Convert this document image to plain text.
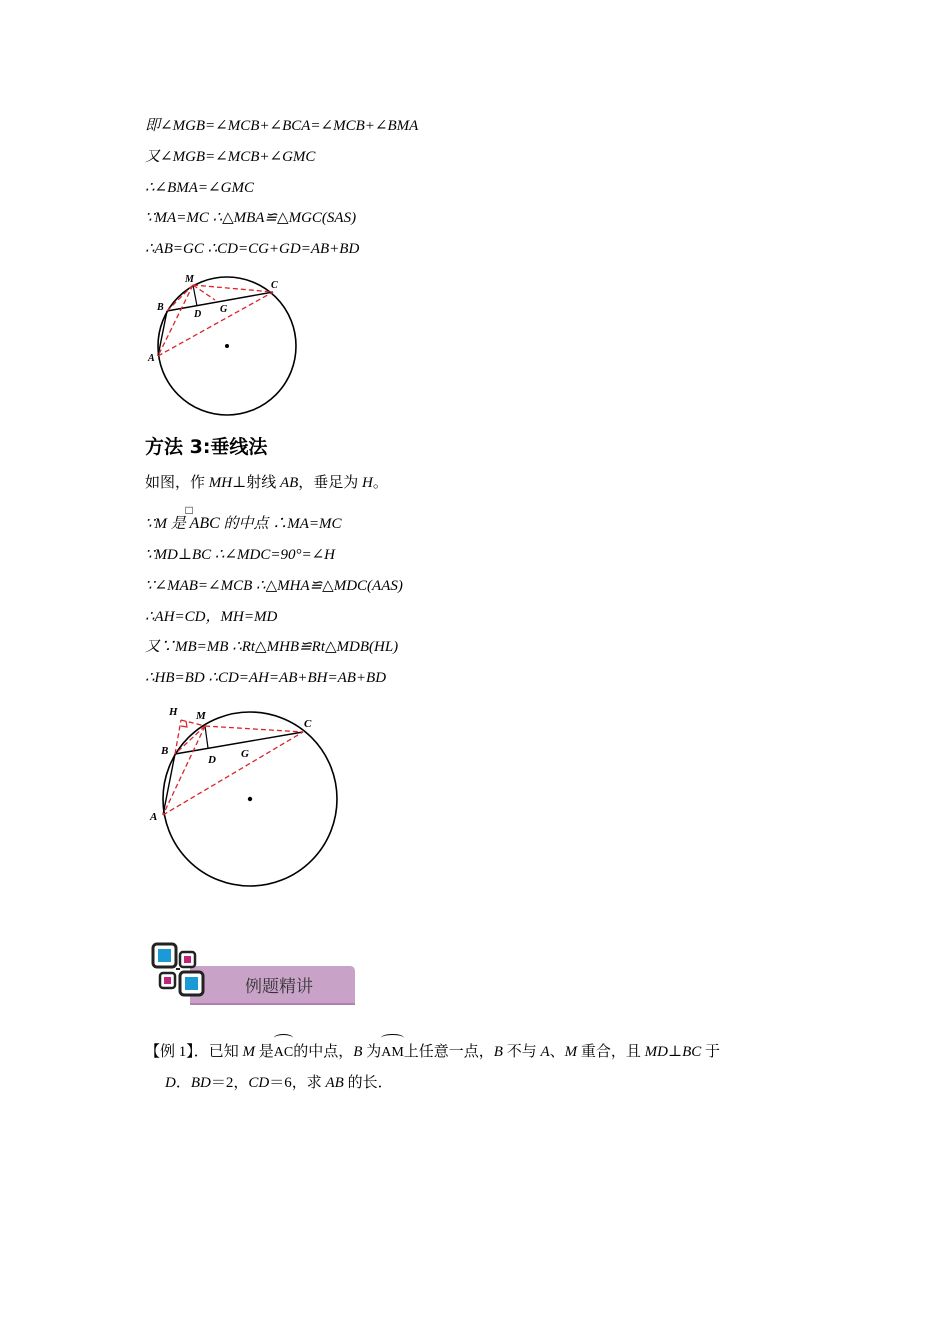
即∠MGB=∠MCB+∠BCA=∠MCB+∠BMA
又∠MGB=∠MCB+∠GMC
∴∠BMA=∠GMC
∵MA=MC ∴△MBA≌△MGC(SAS)
∴AB=GC ∴CD=CG+GD=AB+BD
M
C
B
D G
A
方法 3:垂线法
如图，作 MH⊥射线 AB，垂足为 H。
∵M 是
□
ABC 的中点 ∴MA=MC
∵MD⊥BC ∴∠MDC=90°=∠H
∵∠MAB=∠MCB ∴△MHA≌△MDC(AAS)
∴AH=CD，MH=MD
又∵MB=MB ∴Rt△MHB≌Rt△MDB(HL)
∴HB=BD ∴CD=AH=AB+BH=AB+BD
H M
C
B
D G
A
例题精讲
【例 1】．已知 M 是AC的中点，B 为AM上任意一点，B 不与 A、M 重合，且 MD⊥BC 于
D．BD＝2，CD＝6，求 AB 的长．
